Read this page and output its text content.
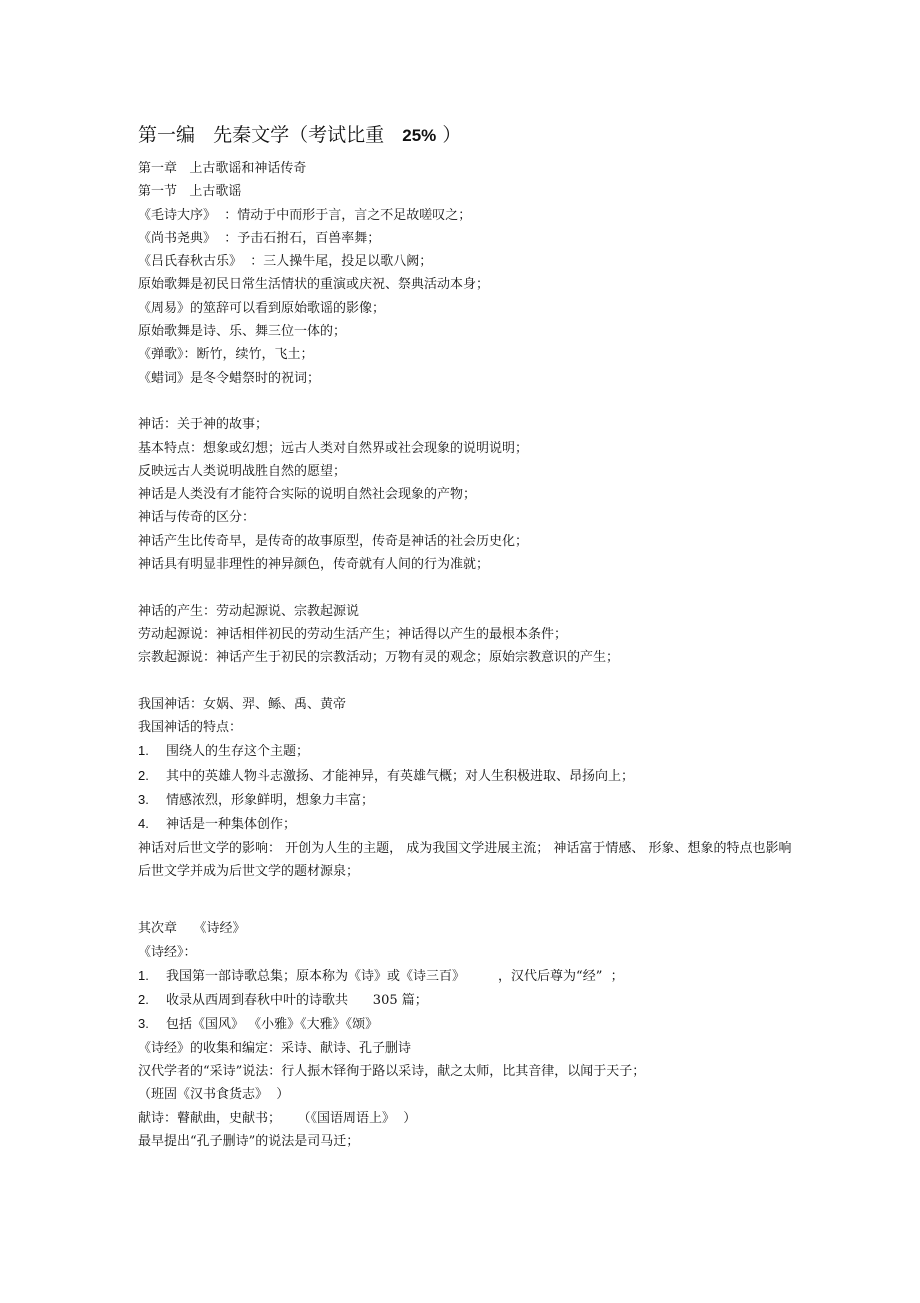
第一编   先秦文学（考试比重   25% ）
第一章   上古歌谣和神话传奇
第一节   上古歌谣
《毛诗大序》  ：情动于中而形于言，言之不足故嗟叹之；
《尚书尧典》  ：予击石拊石，百兽率舞；
《吕氏春秋古乐》  ：三人操牛尾，投足以歌八阙；
原始歌舞是初民日常生活情状的重演或庆祝、祭典活动本身；
《周易》的筮辞可以看到原始歌谣的影像；
原始歌舞是诗、乐、舞三位一体的；
《弹歌》：断竹，续竹，飞土；
《蜡词》是冬令蜡祭时的祝词；
神话：关于神的故事；
基本特点：想象或幻想；远古人类对自然界或社会现象的说明说明；
反映远古人类说明战胜自然的愿望；
神话是人类没有才能符合实际的说明自然社会现象的产物；
神话与传奇的区分：
神话产生比传奇早，是传奇的故事原型，传奇是神话的社会历史化；
神话具有明显非理性的神异颜色，传奇就有人间的行为准就；
神话的产生：劳动起源说、宗教起源说
劳动起源说：神话相伴初民的劳动生活产生；神话得以产生的最根本条件；
宗教起源说：神话产生于初民的宗教活动；万物有灵的观念；原始宗教意识的产生；
我国神话：女娲、羿、鲧、禹、黄帝
我国神话的特点：
1. 围绕人的生存这个主题；
2. 其中的英雄人物斗志激扬、才能神异，有英雄气概；对人生积极进取、昂扬向上；
3. 情感浓烈，形象鲜明，想象力丰富；
4. 神话是一种集体创作；
神话对后世文学的影响： 开创为人生的主题， 成为我国文学进展主流； 神话富于情感、 形象、想象的特点也影响后世文学并成为后世文学的题材源泉；
其次章    《诗经》
《诗经》：
1. 我国第一部诗歌总集；原本称为《诗》或《诗三百》        ，汉代后尊为“经”  ；
2. 收录从西周到春秋中叶的诗歌共      305 篇；
3. 包括《国风》 《小雅》《大雅》《颂》
《诗经》的收集和编定：采诗、献诗、孔子删诗
汉代学者的“采诗”说法：行人振木铎徇于路以采诗，献之太师，比其音律，以闻于天子；
（班固《汉书食货志》  ）
献诗：瞽献曲，史献书；    （《国语周语上》  ）
最早提出“孔子删诗”的说法是司马迁；
